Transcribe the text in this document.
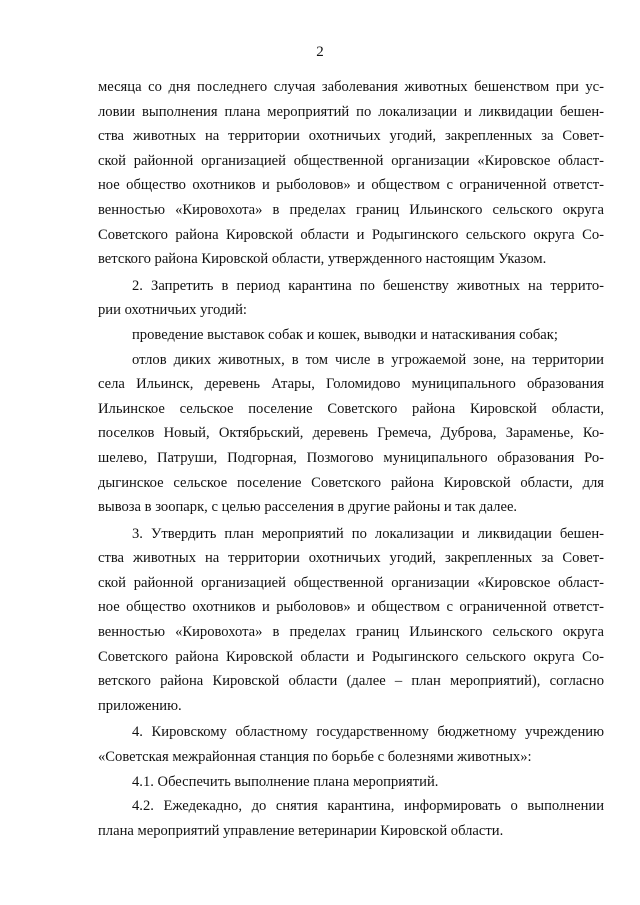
2
месяца со дня последнего случая заболевания животных бешенством при ус-
ловии выполнения плана мероприятий по локализации и ликвидации бешен-
ства животных на территории охотничьих угодий, закрепленных за Совет-
ской районной организацией общественной организации «Кировское област-
ное общество охотников и рыболовов» и обществом с ограниченной ответст-
венностью «Кировохота» в пределах границ Ильинского сельского округа
Советского района Кировской области и Родыгинского сельского округа Со-
ветского района Кировской области, утвержденного настоящим Указом.
2. Запретить в период карантина по бешенству животных на террито-
рии охотничьих угодий:
проведение выставок собак и кошек, выводки и натаскивания собак;
отлов диких животных, в том числе в угрожаемой зоне, на территории
села Ильинск, деревень Атары, Голомидово муниципального образования
Ильинское сельское поселение Советского района Кировской области,
поселков Новый, Октябрьский, деревень Гремеча, Дуброва, Зараменье, Ко-
шелево, Патруши, Подгорная, Позмогово муниципального образования Ро-
дыгинское сельское поселение Советского района Кировской области, для
вывоза в зоопарк, с целью расселения в другие районы и так далее.
3. Утвердить план мероприятий по локализации и ликвидации бешен-
ства животных на территории охотничьих угодий, закрепленных за Совет-
ской районной организацией общественной организации «Кировское област-
ное общество охотников и рыболовов» и обществом с ограниченной ответст-
венностью «Кировохота» в пределах границ Ильинского сельского округа
Советского района Кировской области и Родыгинского сельского округа Со-
ветского района Кировской области (далее – план мероприятий), согласно
приложению.
4. Кировскому областному государственному бюджетному учреждению
«Советская межрайонная станция по борьбе с болезнями животных»:
4.1. Обеспечить выполнение плана мероприятий.
4.2. Ежедекадно, до снятия карантина, информировать о выполнении
плана мероприятий управление ветеринарии Кировской области.
